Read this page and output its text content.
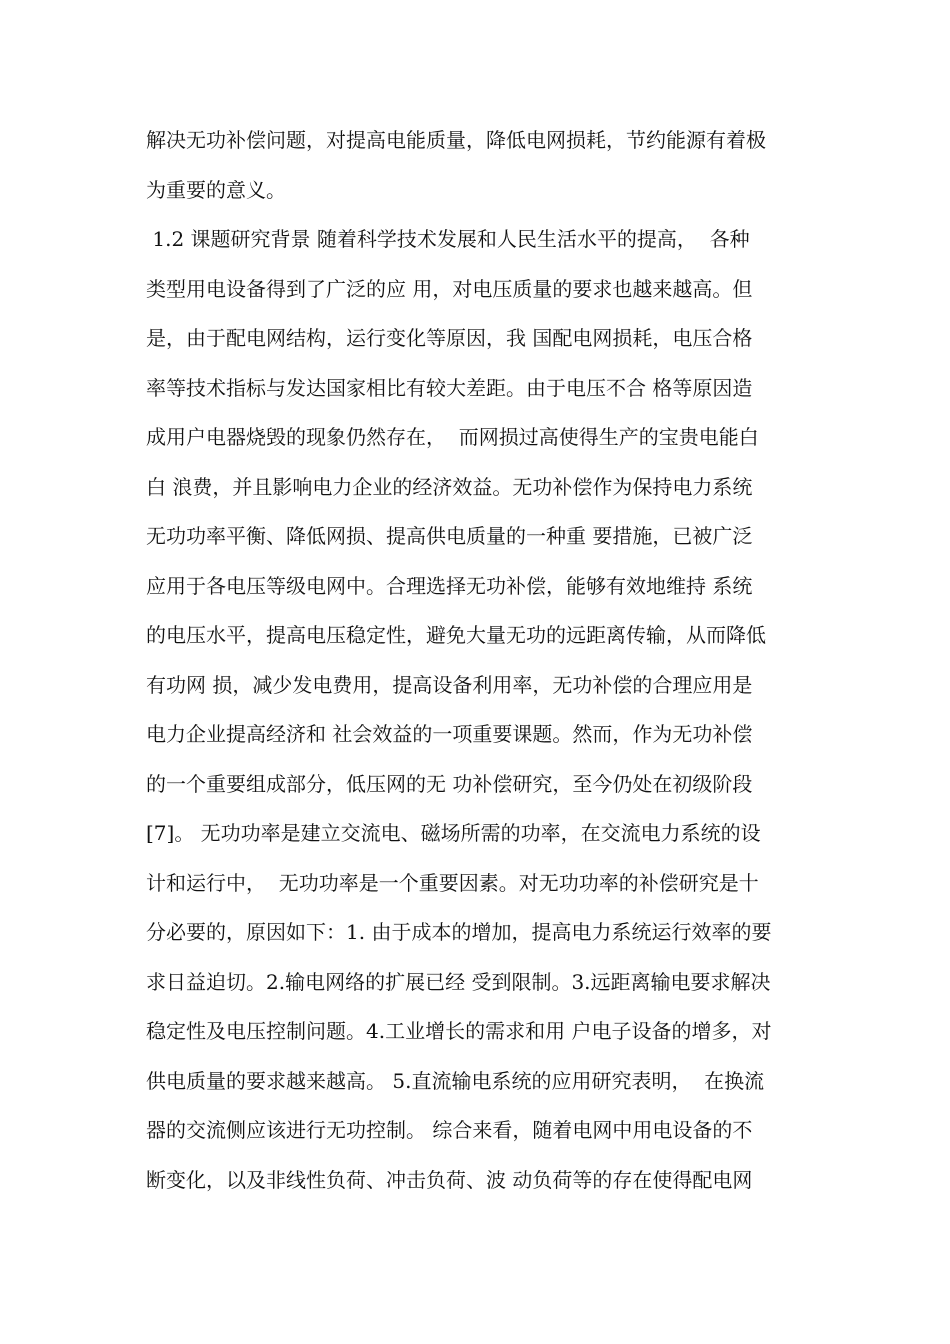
解决无功补偿问题，对提高电能质量，降低电网损耗，节约能源有着极
为重要的意义。
1.2 课题研究背景 随着科学技术发展和人民生活水平的提高，  各种
类型用电设备得到了广泛的应 用，对电压质量的要求也越来越高。但
是，由于配电网结构，运行变化等原因，我 国配电网损耗，电压合格
率等技术指标与发达国家相比有较大差距。由于电压不合 格等原因造
成用户电器烧毁的现象仍然存在，  而网损过高使得生产的宝贵电能白
白 浪费，并且影响电力企业的经济效益。无功补偿作为保持电力系统
无功功率平衡、降低网损、提高供电质量的一种重 要措施，已被广泛
应用于各电压等级电网中。合理选择无功补偿，能够有效地维持 系统
的电压水平，提高电压稳定性，避免大量无功的远距离传输，从而降低
有功网 损，减少发电费用，提高设备利用率，无功补偿的合理应用是
电力企业提高经济和 社会效益的一项重要课题。然而，作为无功补偿
的一个重要组成部分，低压网的无 功补偿研究，至今仍处在初级阶段
[7]。 无功功率是建立交流电、磁场所需的功率，在交流电力系统的设
计和运行中，  无功功率是一个重要因素。对无功功率的补偿研究是十
分必要的，原因如下：1. 由于成本的增加，提高电力系统运行效率的要
求日益迫切。2.输电网络的扩展已经 受到限制。3.远距离输电要求解决
稳定性及电压控制问题。4.工业增长的需求和用 户电子设备的增多，对
供电质量的要求越来越高。 5.直流输电系统的应用研究表明，  在换流
器的交流侧应该进行无功控制。 综合来看，随着电网中用电设备的不
断变化，以及非线性负荷、冲击负荷、波 动负荷等的存在使得配电网
